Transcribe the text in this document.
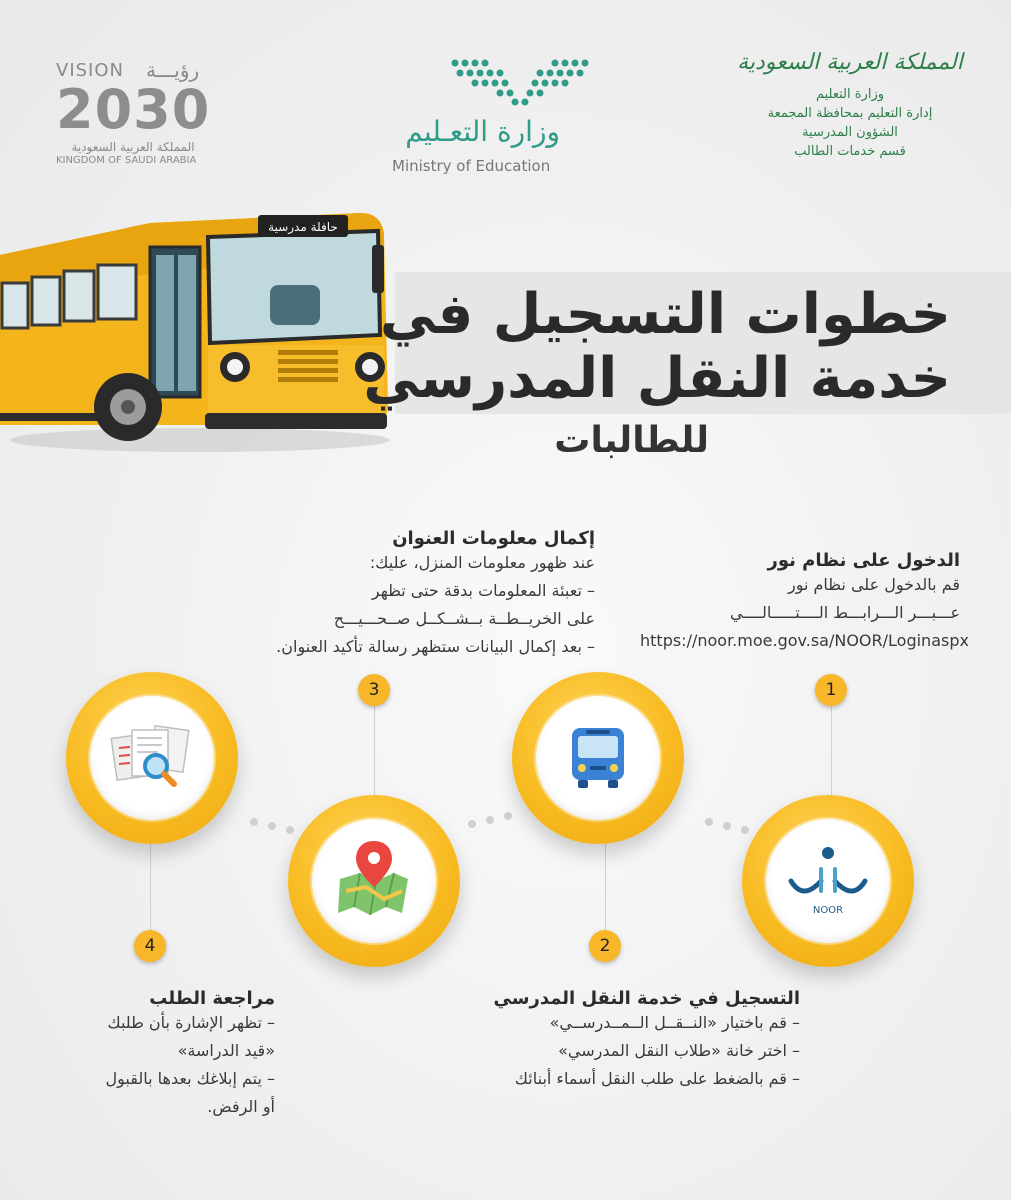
VISION رؤيـــة
2030
المملكة العربية السعودية
KINGDOM OF SAUDI ARABIA
وزارة التعـليم
Ministry of Education
المملكة العربية السعودية
وزارة التعليم
إدارة التعليم بمحافظة المجمعة
الشؤون المدرسية
قسم خدمات الطالب
حافلة مدرسية
خطوات التسجيل في
خدمة النقل المدرسي
للطالبات
الدخول على نظام نور
قم بالدخول على نظام نور
عـــبـــر الـــرابـــط الــــتـــــالــــي
https://noor.moe.gov.sa/NOOR/Loginaspx
إكمال معلومات العنوان
عند ظهور معلومات المنزل، عليك:
– تعبئة المعلومات بدقة حتى تظهر
على الخريــطــة بــشــكــل صــحـــيـــح
– بعد إكمال البيانات ستظهر رسالة تأكيد العنوان.
التسجيل في خدمة النقل المدرسي
– قم باختيار «النــقــل الــمــدرســي»
– اختر خانة «طلاب النقل المدرسي»
– قم بالضغط على طلب النقل أسماء أبنائك
مراجعة الطلب
– تظهر الإشارة بأن طلبك
«قيد الدراسة»
– يتم إبلاغك بعدها بالقبول
أو الرفض.
NOOR
1
3
2
4
